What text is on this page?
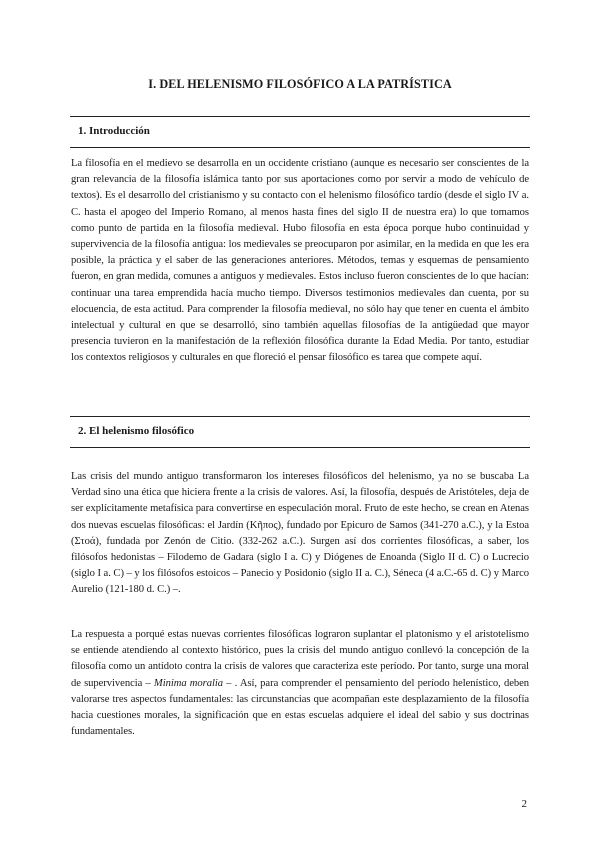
I. DEL HELENISMO FILOSÓFICO A LA PATRÍSTICA
1. Introducción

La filosofía en el medievo se desarrolla en un occidente cristiano (aunque es necesario ser conscientes de la gran relevancia de la filosofía islámica tanto por sus aportaciones como por servir a modo de vehículo de textos). Es el desarrollo del cristianismo y su contacto con el helenismo filosófico tardío (desde el siglo IV a. C. hasta el apogeo del Imperio Romano, al menos hasta fines del siglo II de nuestra era) lo que tomamos como punto de partida en la filosofía medieval. Hubo filosofía en esta época porque hubo continuidad y supervivencia de la filosofía antigua: los medievales se preocuparon por asimilar, en la medida en que les era posible, la práctica y el saber de las generaciones anteriores. Métodos, temas y esquemas de pensamiento fueron, en gran medida, comunes a antiguos y medievales. Estos incluso fueron conscientes de lo que hacían: continuar una tarea emprendida hacía mucho tiempo. Diversos testimonios medievales dan cuenta, por su elocuencia, de esta actitud. Para comprender la filosofía medieval, no sólo hay que tener en cuenta el ámbito intelectual y cultural en que se desarrolló, sino también aquellas filosofías de la antigüedad que mayor presencia tuvieron en la manifestación de la reflexión filosófica durante la Edad Media. Por tanto, estudiar los contextos religiosos y culturales en que floreció el pensar filosófico es tarea que compete aquí.

2. El helenismo filosófico

Las crisis del mundo antiguo transformaron los intereses filosóficos del helenismo, ya no se buscaba La Verdad sino una ética que hiciera frente a la crisis de valores. Así, la filosofía, después de Aristóteles, deja de ser explícitamente metafísica para convertirse en especulación moral. Fruto de este hecho, se crean en Atenas dos nuevas escuelas filosóficas: el Jardín (Κῆπος), fundado por Epicuro de Samos (341-270 a.C.), y la Estoa (Στοά), fundada por Zenón de Citio. (332-262 a.C.). Surgen así dos corrientes filosóficas, a saber, los filósofos hedonistas – Filodemo de Gadara (siglo I a. C) y Diógenes de Enoanda (Siglo II d. C) o Lucrecio (siglo I a. C) – y los filósofos estoicos – Panecio y Posidonio (siglo II a. C.), Séneca (4 a.C.-65 d. C) y Marco Aurelio (121-180 d. C.) –.

La respuesta a porqué estas nuevas corrientes filosóficas lograron suplantar el platonismo y el aristotelismo se entiende atendiendo al contexto histórico, pues la crisis del mundo antiguo conllevó la concepción de la filosofía como un antídoto contra la crisis de valores que caracteriza este período. Por tanto, surge una moral de supervivencia – Minima moralia – . Así, para comprender el pensamiento del período helenístico, deben valorarse tres aspectos fundamentales: las circunstancias que acompañan este desplazamiento de la filosofía hacia cuestiones morales, la significación que en estas escuelas adquiere el ideal del sabio y sus doctrinas fundamentales.

2
